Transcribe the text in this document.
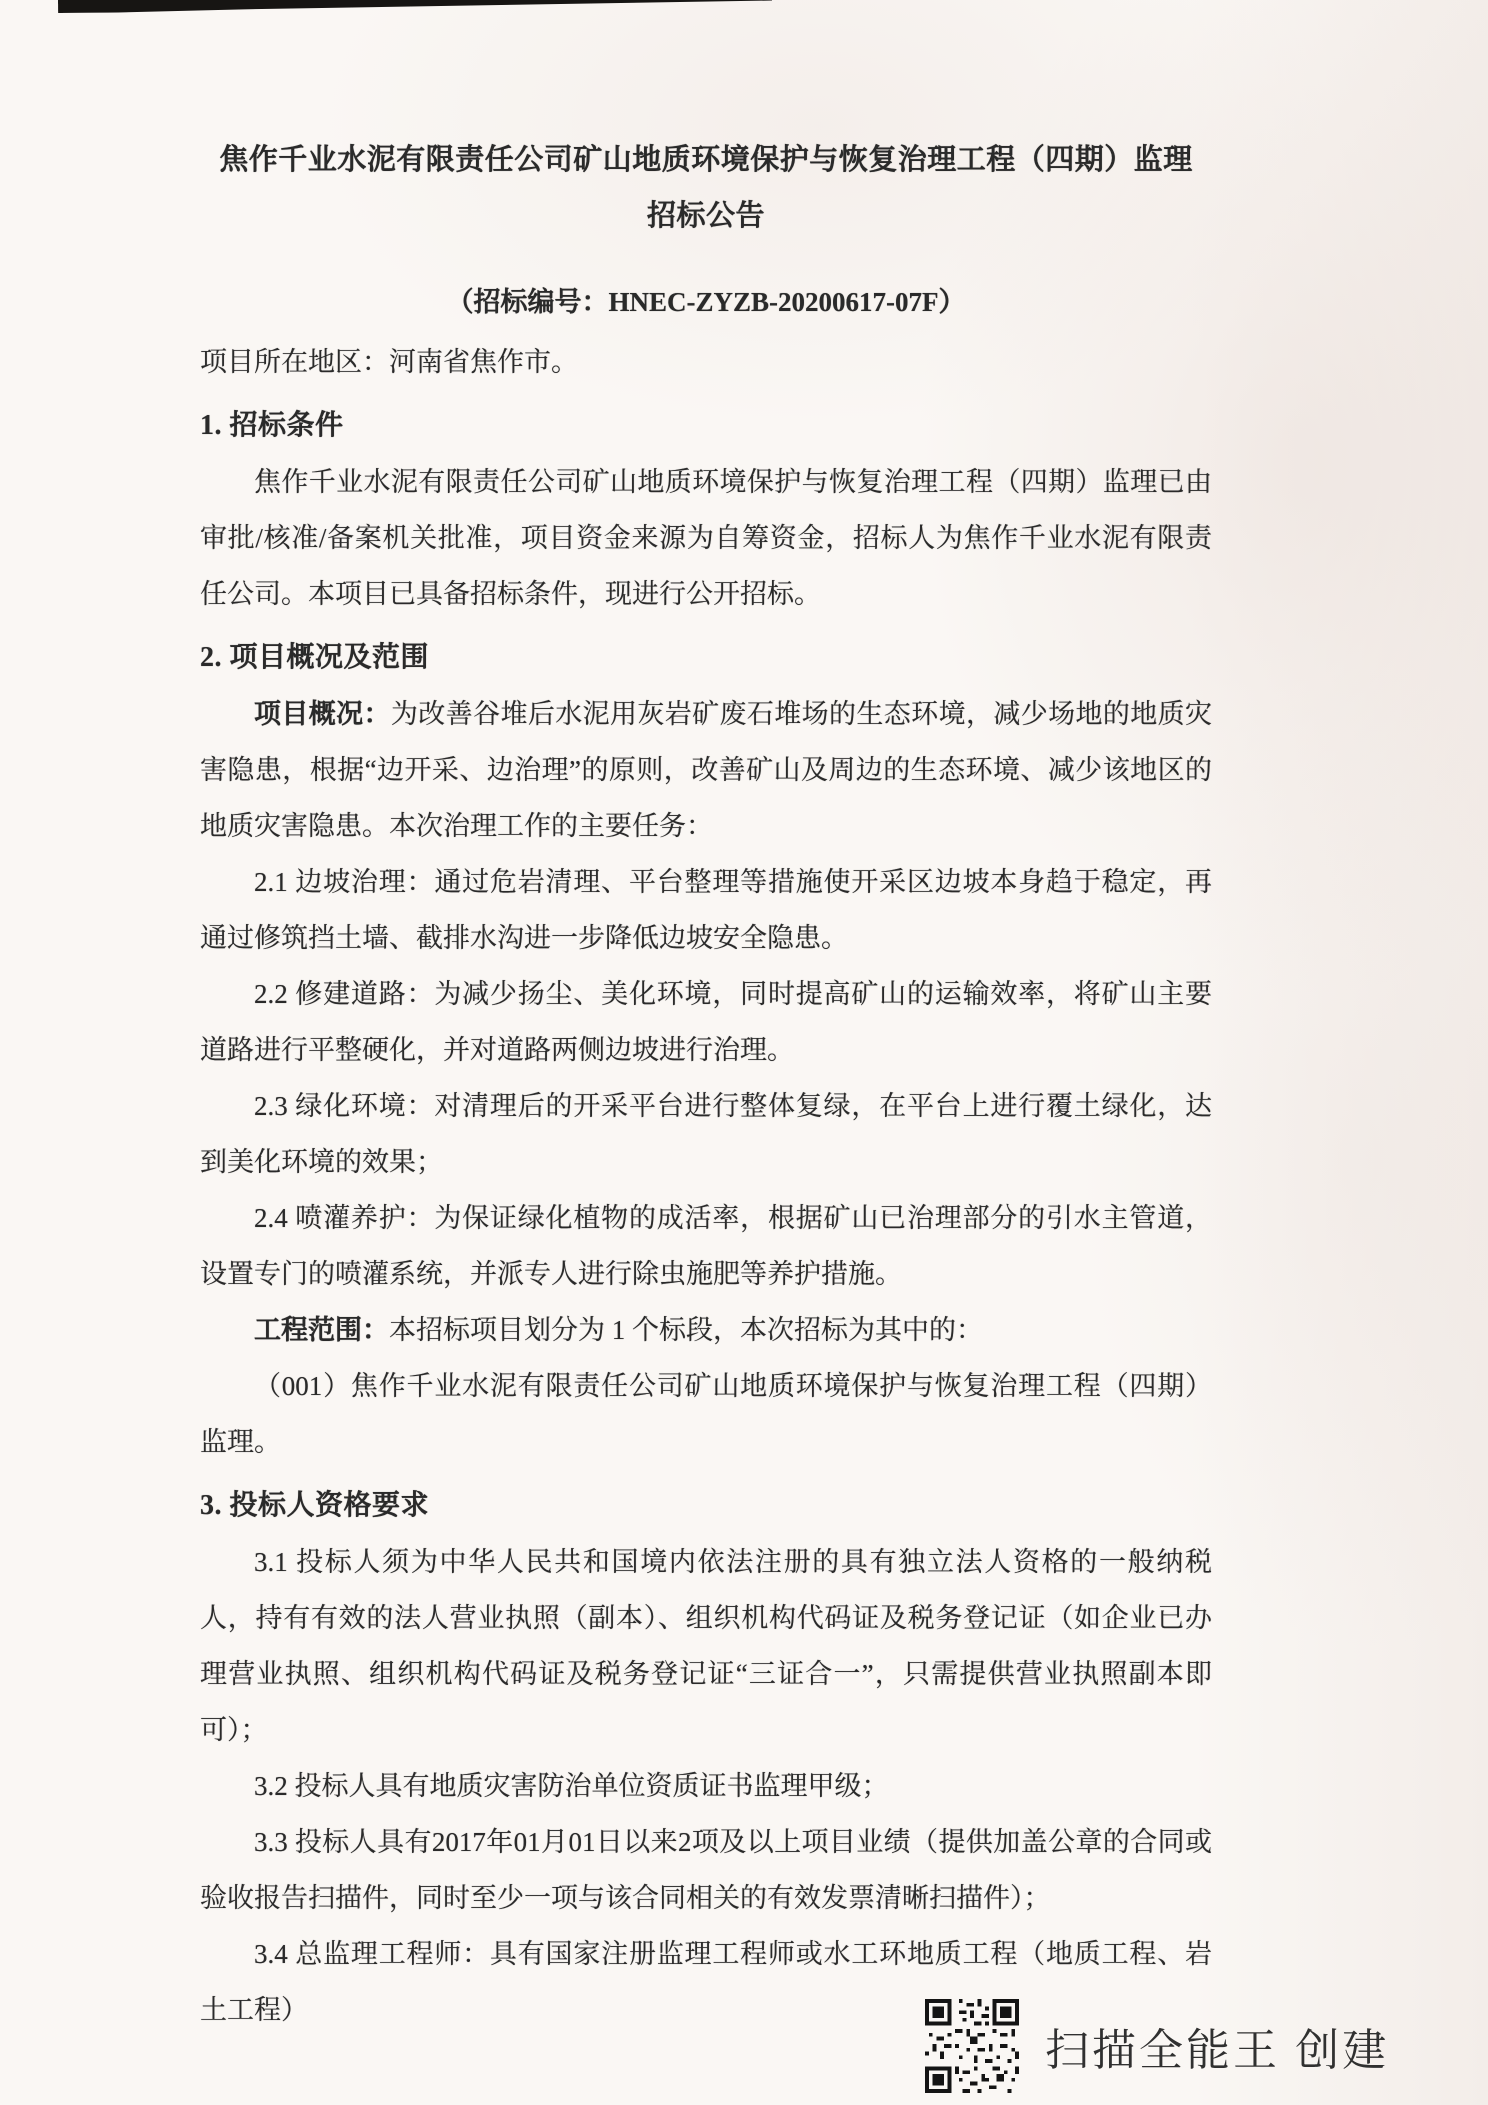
焦作千业水泥有限责任公司矿山地质环境保护与恢复治理工程（四期）监理
招标公告
（招标编号：HNEC-ZYZB-20200617-07F）
项目所在地区：河南省焦作市。
1. 招标条件

焦作千业水泥有限责任公司矿山地质环境保护与恢复治理工程（四期）监理已由审批/核准/备案机关批准，项目资金来源为自筹资金，招标人为焦作千业水泥有限责任公司。本项目已具备招标条件，现进行公开招标。

2. 项目概况及范围

项目概况：为改善谷堆后水泥用灰岩矿废石堆场的生态环境，减少场地的地质灾害隐患，根据“边开采、边治理”的原则，改善矿山及周边的生态环境、减少该地区的地质灾害隐患。本次治理工作的主要任务：

2.1 边坡治理：通过危岩清理、平台整理等措施使开采区边坡本身趋于稳定，再通过修筑挡土墙、截排水沟进一步降低边坡安全隐患。

2.2 修建道路：为减少扬尘、美化环境，同时提高矿山的运输效率，将矿山主要道路进行平整硬化，并对道路两侧边坡进行治理。

2.3 绿化环境：对清理后的开采平台进行整体复绿，在平台上进行覆土绿化，达到美化环境的效果；

2.4 喷灌养护：为保证绿化植物的成活率，根据矿山已治理部分的引水主管道，设置专门的喷灌系统，并派专人进行除虫施肥等养护措施。

工程范围：本招标项目划分为 1 个标段，本次招标为其中的：

（001）焦作千业水泥有限责任公司矿山地质环境保护与恢复治理工程（四期）监理。

3. 投标人资格要求

3.1 投标人须为中华人民共和国境内依法注册的具有独立法人资格的一般纳税人，持有有效的法人营业执照（副本）、组织机构代码证及税务登记证（如企业已办理营业执照、组织机构代码证及税务登记证“三证合一”，只需提供营业执照副本即可）；

3.2 投标人具有地质灾害防治单位资质证书监理甲级；

3.3 投标人具有2017年01月01日以来2项及以上项目业绩（提供加盖公章的合同或验收报告扫描件，同时至少一项与该合同相关的有效发票清晰扫描件）；

3.4 总监理工程师：具有国家注册监理工程师或水工环地质工程（地质工程、岩土工程）

扫描全能王 创建
